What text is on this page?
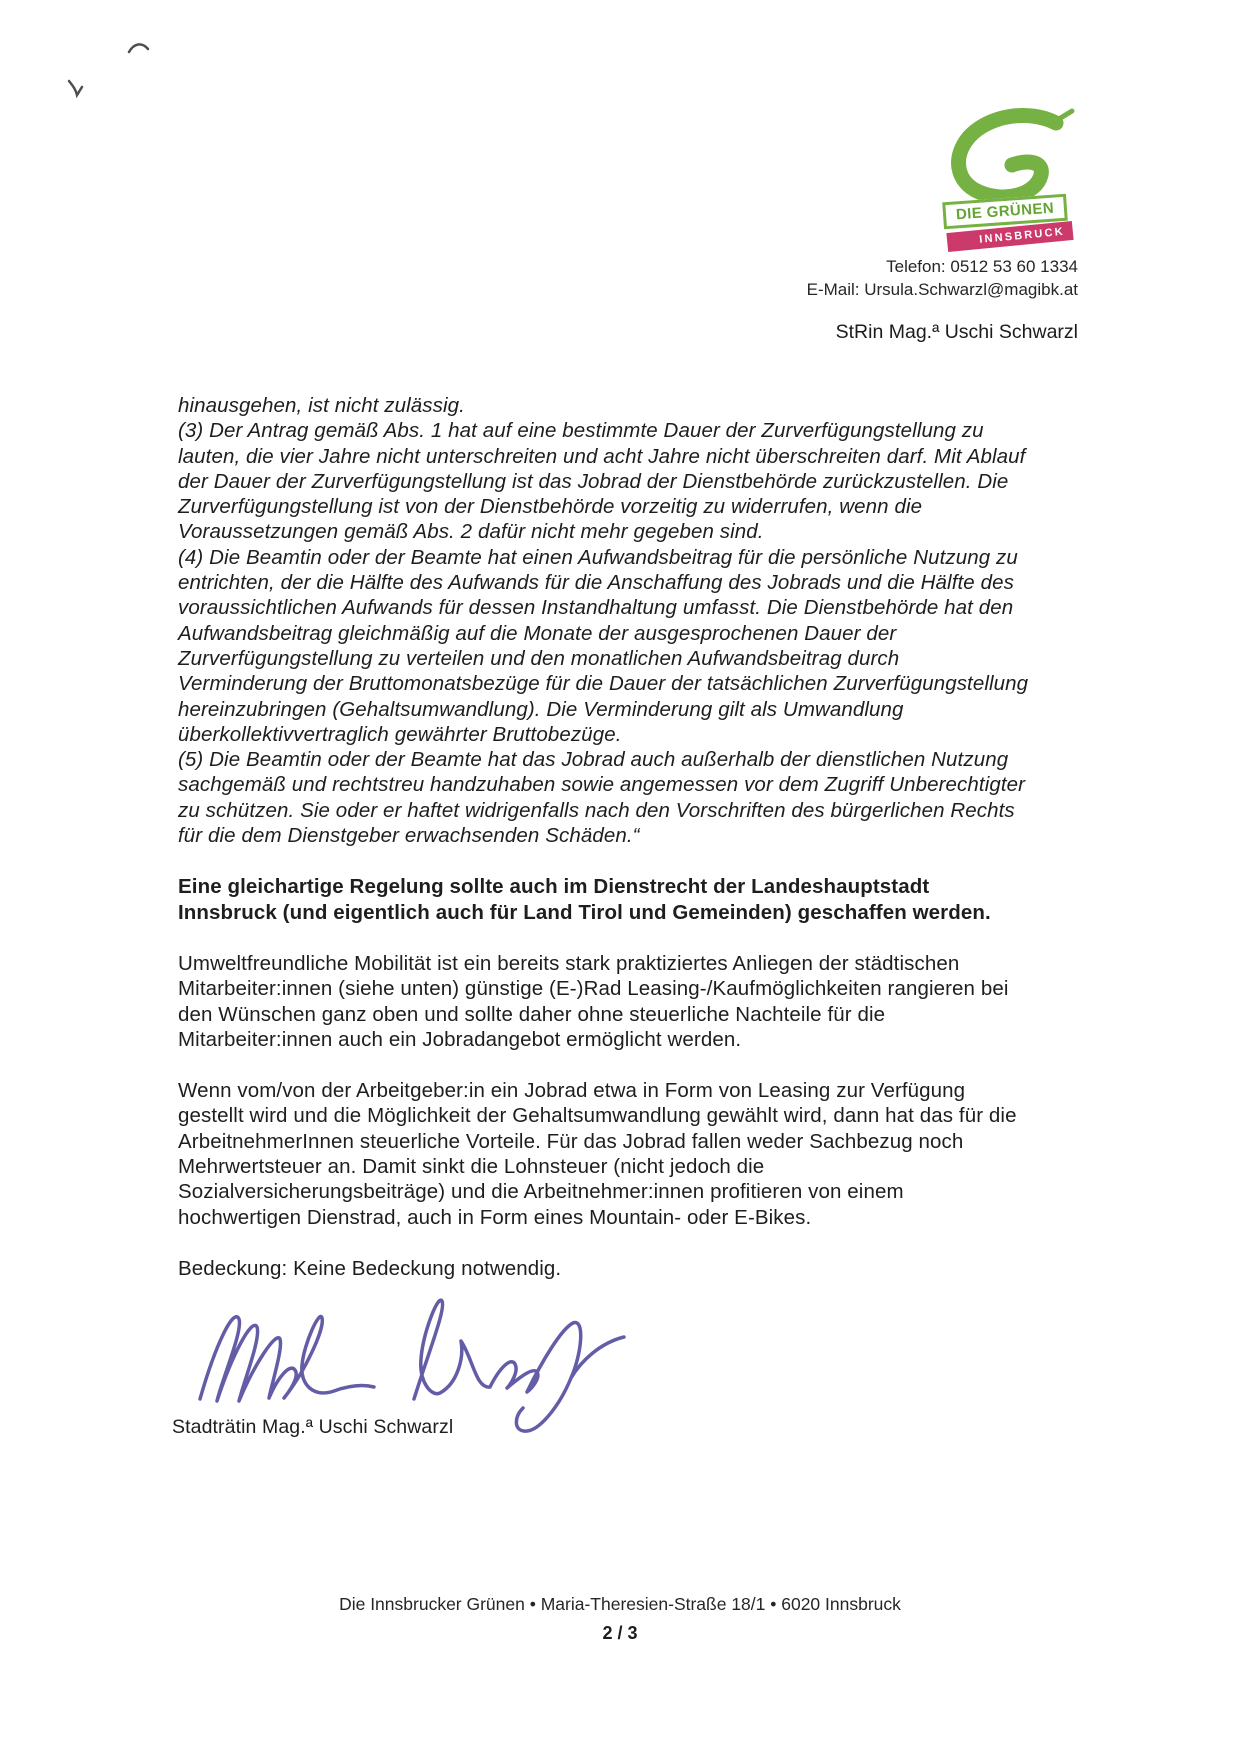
DIE GRÜNEN
INNSBRUCK
Telefon: 0512 53 60 1334
E-Mail: Ursula.Schwarzl@magibk.at
StRin Mag.ª Uschi Schwarzl
hinausgehen, ist nicht zulässig.
(3) Der Antrag gemäß Abs. 1 hat auf eine bestimmte Dauer der Zurverfügungstellung zu
lauten, die vier Jahre nicht unterschreiten und acht Jahre nicht überschreiten darf. Mit Ablauf
der Dauer der Zurverfügungstellung ist das Jobrad der Dienstbehörde zurückzustellen. Die
Zurverfügungstellung ist von der Dienstbehörde vorzeitig zu widerrufen, wenn die
Voraussetzungen gemäß Abs. 2 dafür nicht mehr gegeben sind.
(4) Die Beamtin oder der Beamte hat einen Aufwandsbeitrag für die persönliche Nutzung zu
entrichten, der die Hälfte des Aufwands für die Anschaffung des Jobrads und die Hälfte des
voraussichtlichen Aufwands für dessen Instandhaltung umfasst. Die Dienstbehörde hat den
Aufwandsbeitrag gleichmäßig auf die Monate der ausgesprochenen Dauer der
Zurverfügungstellung zu verteilen und den monatlichen Aufwandsbeitrag durch
Verminderung der Bruttomonatsbezüge für die Dauer der tatsächlichen Zurverfügungstellung
hereinzubringen (Gehaltsumwandlung). Die Verminderung gilt als Umwandlung
überkollektivvertraglich gewährter Bruttobezüge.
(5) Die Beamtin oder der Beamte hat das Jobrad auch außerhalb der dienstlichen Nutzung
sachgemäß und rechtstreu handzuhaben sowie angemessen vor dem Zugriff Unberechtigter
zu schützen. Sie oder er haftet widrigenfalls nach den Vorschriften des bürgerlichen Rechts
für die dem Dienstgeber erwachsenden Schäden.“
Eine gleichartige Regelung sollte auch im Dienstrecht der Landeshauptstadt
Innsbruck (und eigentlich auch für Land Tirol und Gemeinden) geschaffen werden.
Umweltfreundliche Mobilität ist ein bereits stark praktiziertes Anliegen der städtischen
Mitarbeiter:innen (siehe unten) günstige (E-)Rad Leasing-/Kaufmöglichkeiten rangieren bei
den Wünschen ganz oben und sollte daher ohne steuerliche Nachteile für die
Mitarbeiter:innen auch ein Jobradangebot ermöglicht werden.
Wenn vom/von der Arbeitgeber:in ein Jobrad etwa in Form von Leasing zur Verfügung
gestellt wird und die Möglichkeit der Gehaltsumwandlung gewählt wird, dann hat das für die
ArbeitnehmerInnen steuerliche Vorteile. Für das Jobrad fallen weder Sachbezug noch
Mehrwertsteuer an. Damit sinkt die Lohnsteuer (nicht jedoch die
Sozialversicherungsbeiträge) und die Arbeitnehmer:innen profitieren von einem
hochwertigen Dienstrad, auch in Form eines Mountain- oder E-Bikes.
Bedeckung: Keine Bedeckung notwendig.
Stadträtin Mag.ª Uschi Schwarzl
Die Innsbrucker Grünen • Maria-Theresien-Straße 18/1 • 6020 Innsbruck
2 / 3
